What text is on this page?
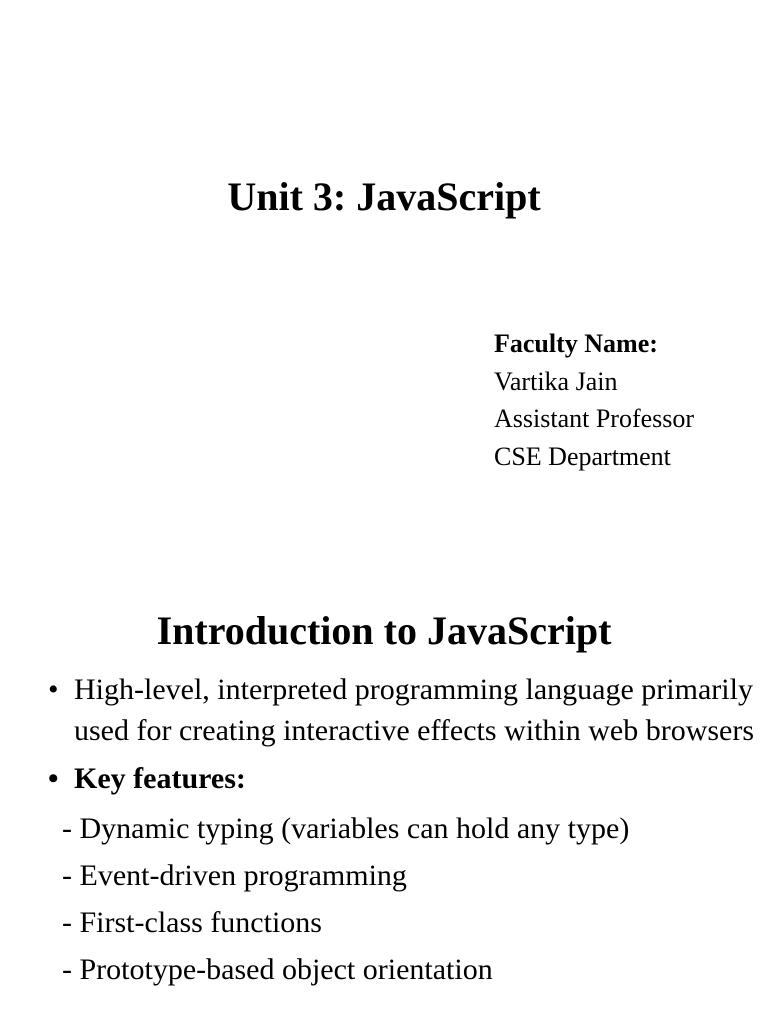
Unit 3: JavaScript
Faculty Name:
Vartika Jain
Assistant Professor
CSE Department
Introduction to JavaScript

• High-level, interpreted programming language primarily used for creating interactive effects within web browsers

• Key features:

- Dynamic typing (variables can hold any type)

- Event-driven programming

- First-class functions

- Prototype-based object orientation
